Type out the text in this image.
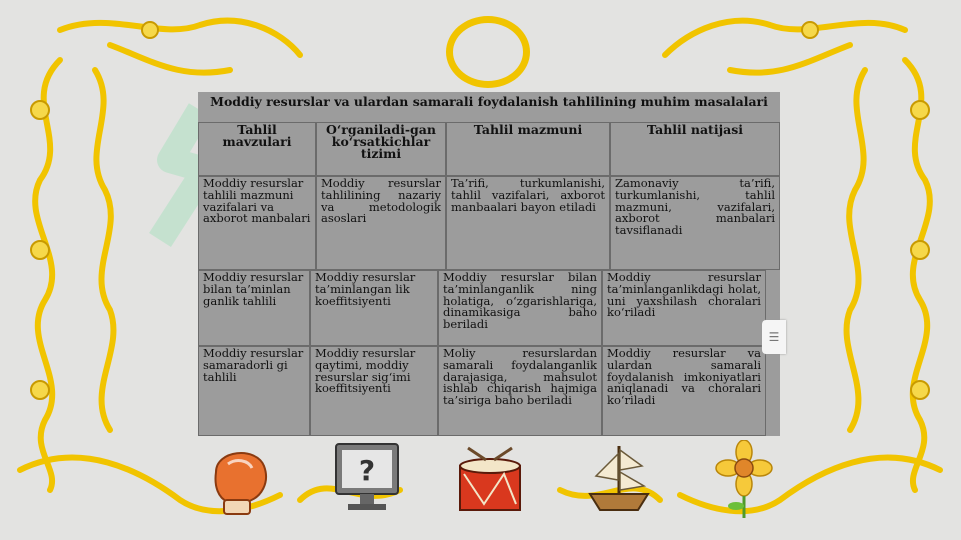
Moddiy resurslar va ulardan samarali foydalanish tahlilining muhim masalalari
Tahlil mavzulari
O‘rganiladi-gan ko‘rsatkichlar tizimi
Tahlil mazmuni	Tahlil natijasi
Moddiy resurslar tahlili mazmuni vazifalari va axborot manbalari
Moddiy resurslar tahlilining nazariy va metodologik asoslari
Ta’rifi, turkumlanishi, tahlil vazifalari, axborot manbaalari bayon etiladi
Zamonaviy ta’rifi, turkumlanishi, tahlil mazmuni, vazifalari, axborot manbalari tavsiflanadi
Moddiy resurslar bilan ta’minlan ganlik tahlili
Moddiy resurslar ta’minlangan lik koeffitsiyenti
Moddiy resurslar bilan ta’minlanganlik ning holatiga, o‘zgarishlariga, dinamikasiga baho beriladi
Moddiy resurslar ta’minlanganlikdagi holat, uni yaxshilash choralari ko‘riladi
Moddiy resurslar samaradorli gi tahlili
Moddiy resurslar qaytimi, moddiy resurslar sig‘imi koeffitsiyenti
Moliy resurslardan samarali foydalanganlik darajasiga, mahsulot ishlab chiqarish hajmiga ta’siriga baho beriladi
Moddiy resurslar va ulardan samarali foydalanish imkoniyatlari aniqlanadi va choralari ko‘riladi
☰
?
